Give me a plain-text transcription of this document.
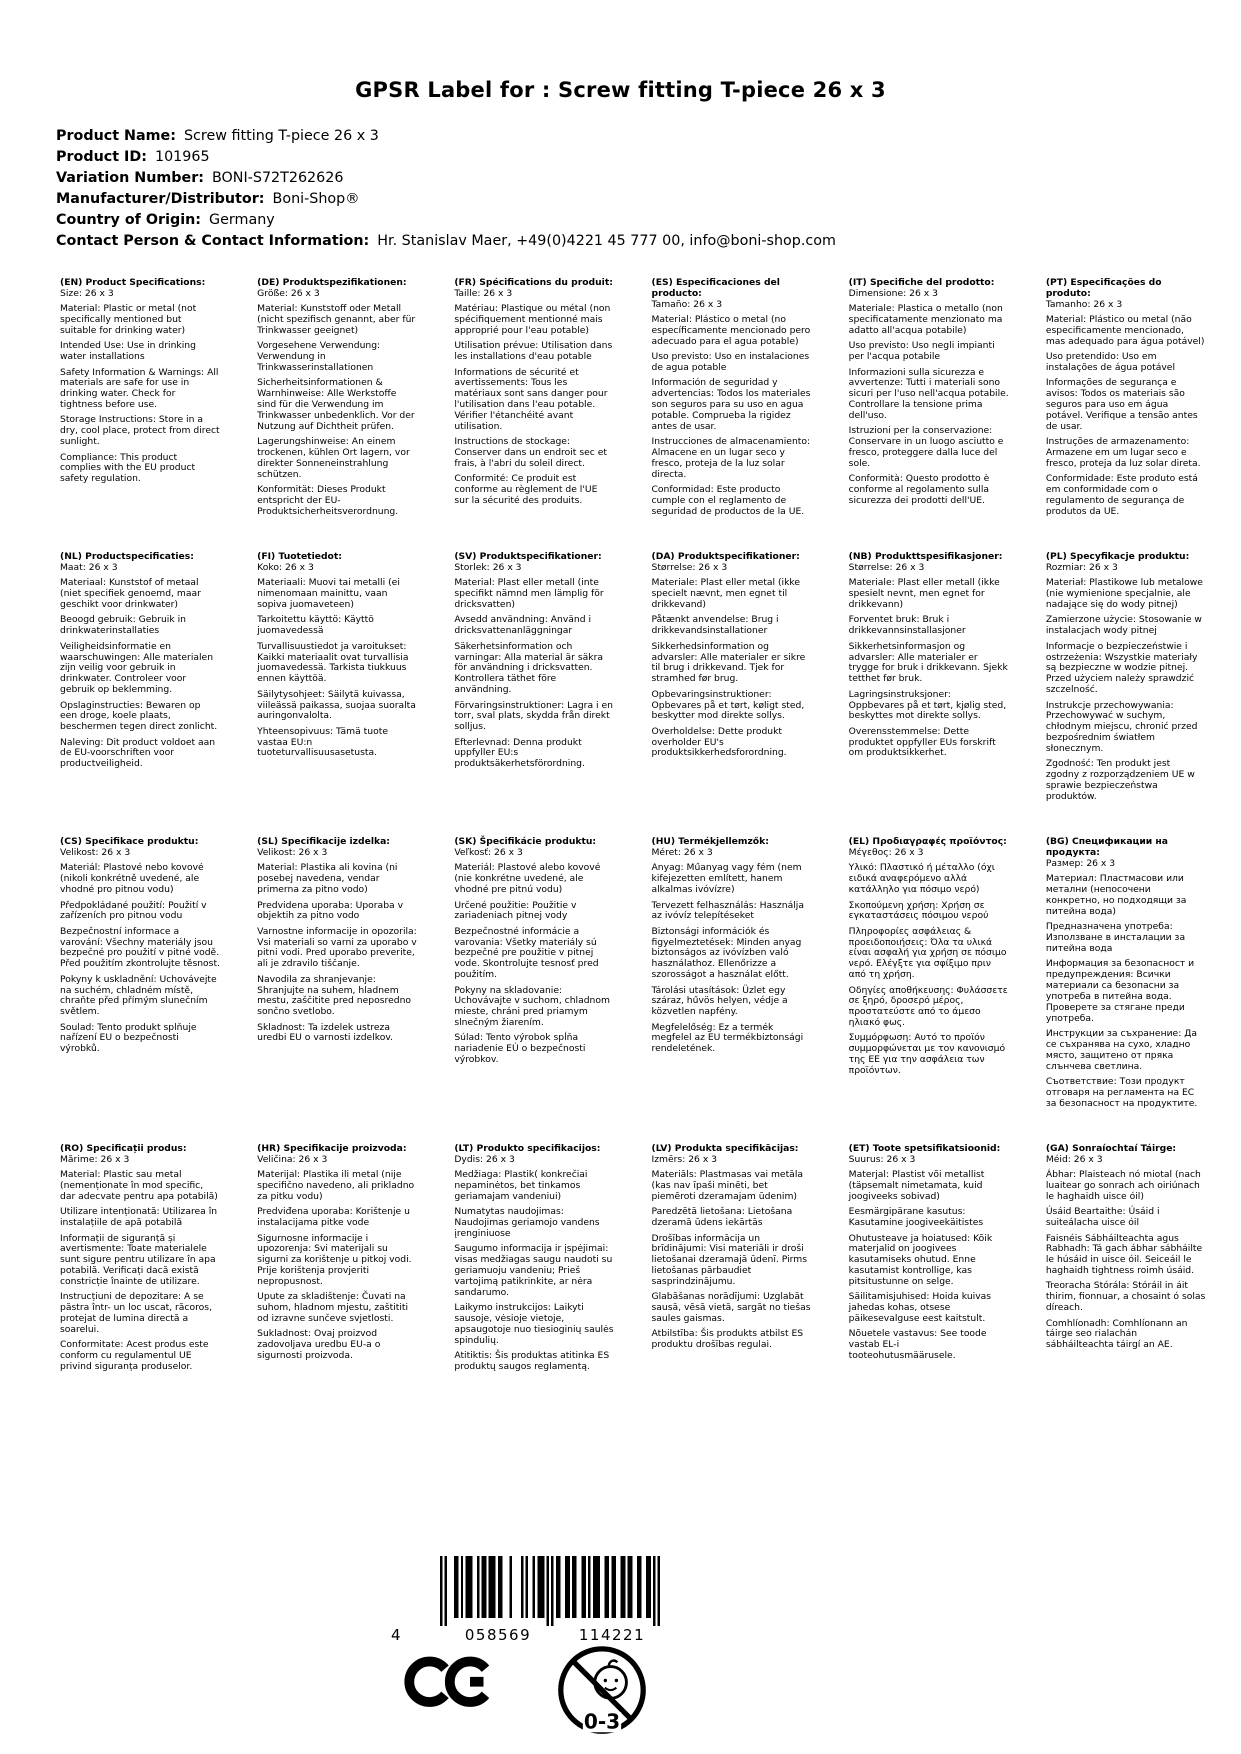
GPSR Label for : Screw fitting T-piece 26 x 3
Product Name: Screw fitting T-piece 26 x 3
Product ID: 101965
Variation Number: BONI-S72T262626
Manufacturer/Distributor: Boni-Shop®
Country of Origin: Germany
Contact Person & Contact Information: Hr. Stanislav Maer, +49(0)4221 45 777 00, info@boni-shop.com
(EN) Product Specifications:

Size: 26 x 3

Material: Plastic or metal (not specifically mentioned but suitable for drinking water)

Intended Use: Use in drinking water installations

Safety Information & Warnings: All materials are safe for use in drinking water. Check for tightness before use.

Storage Instructions: Store in a dry, cool place, protect from direct sunlight.

Compliance: This product complies with the EU product safety regulation.

(DE) Produktspezifikationen:

Größe: 26 x 3

Material: Kunststoff oder Metall (nicht spezifisch genannt, aber für Trinkwasser geeignet)

Vorgesehene Verwendung: Verwendung in Trinkwasserinstallationen

Sicherheitsinformationen & Warnhinweise: Alle Werkstoffe sind für die Verwendung im Trinkwasser unbedenklich. Vor der Nutzung auf Dichtheit prüfen.

Lagerungshinweise: An einem trockenen, kühlen Ort lagern, vor direkter Sonneneinstrahlung schützen.

Konformität: Dieses Produkt entspricht der EU-Produktsicherheitsverordnung.

(FR) Spécifications du produit:

Taille: 26 x 3

Matériau: Plastique ou métal (non spécifiquement mentionné mais approprié pour l'eau potable)

Utilisation prévue: Utilisation dans les installations d'eau potable

Informations de sécurité et avertissements: Tous les matériaux sont sans danger pour l'utilisation dans l'eau potable. Vérifier l'étanchéité avant utilisation.

Instructions de stockage: Conserver dans un endroit sec et frais, à l'abri du soleil direct.

Conformité: Ce produit est conforme au règlement de l'UE sur la sécurité des produits.

(ES) Especificaciones del producto:

Tamaño: 26 x 3

Material: Plástico o metal (no específicamente mencionado pero adecuado para el agua potable)

Uso previsto: Uso en instalaciones de agua potable

Información de seguridad y advertencias: Todos los materiales son seguros para su uso en agua potable. Comprueba la rigidez antes de usar.

Instrucciones de almacenamiento: Almacene en un lugar seco y fresco, proteja de la luz solar directa.

Conformidad: Este producto cumple con el reglamento de seguridad de productos de la UE.

(IT) Specifiche del prodotto:

Dimensione: 26 x 3

Materiale: Plastica o metallo (non specificatamente menzionato ma adatto all'acqua potabile)

Uso previsto: Uso negli impianti per l'acqua potabile

Informazioni sulla sicurezza e avvertenze: Tutti i materiali sono sicuri per l'uso nell'acqua potabile. Controllare la tensione prima dell'uso.

Istruzioni per la conservazione: Conservare in un luogo asciutto e fresco, proteggere dalla luce del sole.

Conformità: Questo prodotto è conforme al regolamento sulla sicurezza dei prodotti dell'UE.

(PT) Especificações do produto:

Tamanho: 26 x 3

Material: Plástico ou metal (não especificamente mencionado, mas adequado para água potável)

Uso pretendido: Uso em instalações de água potável

Informações de segurança e avisos: Todos os materiais são seguros para uso em água potável. Verifique a tensão antes de usar.

Instruções de armazenamento: Armazene em um lugar seco e fresco, proteja da luz solar direta.

Conformidade: Este produto está em conformidade com o regulamento de segurança de produtos da UE.

(NL) Productspecificaties:

Maat: 26 x 3

Materiaal: Kunststof of metaal (niet specifiek genoemd, maar geschikt voor drinkwater)

Beoogd gebruik: Gebruik in drinkwaterinstallaties

Veiligheidsinformatie en waarschuwingen: Alle materialen zijn veilig voor gebruik in drinkwater. Controleer voor gebruik op beklemming.

Opslaginstructies: Bewaren op een droge, koele plaats, beschermen tegen direct zonlicht.

Naleving: Dit product voldoet aan de EU-voorschriften voor productveiligheid.

(FI) Tuotetiedot:

Koko: 26 x 3

Materiaali: Muovi tai metalli (ei nimenomaan mainittu, vaan sopiva juomaveteen)

Tarkoitettu käyttö: Käyttö juomavedessä

Turvallisuustiedot ja varoitukset: Kaikki materiaalit ovat turvallisia juomavedessä. Tarkista tiukkuus ennen käyttöä.

Säilytysohjeet: Säilytä kuivassa, viileässä paikassa, suojaa suoralta auringonvalolta.

Yhteensopivuus: Tämä tuote vastaa EU:n tuoteturvallisuusasetusta.

(SV) Produktspecifikationer:

Storlek: 26 x 3

Material: Plast eller metall (inte specifikt nämnd men lämplig för dricksvatten)

Avsedd användning: Använd i dricksvattenanläggningar

Säkerhetsinformation och varningar: Alla material är säkra för användning i dricksvatten. Kontrollera täthet före användning.

Förvaringsinstruktioner: Lagra i en torr, sval plats, skydda från direkt solljus.

Efterlevnad: Denna produkt uppfyller EU:s produktsäkerhetsförordning.

(DA) Produktspecifikationer:

Størrelse: 26 x 3

Materiale: Plast eller metal (ikke specielt nævnt, men egnet til drikkevand)

Påtænkt anvendelse: Brug i drikkevandsinstallationer

Sikkerhedsinformation og advarsler: Alle materialer er sikre til brug i drikkevand. Tjek for stramhed før brug.

Opbevaringsinstruktioner: Opbevares på et tørt, køligt sted, beskytter mod direkte sollys.

Overholdelse: Dette produkt overholder EU's produktsikkerhedsforordning.

(NB) Produkttspesifikasjoner:

Størrelse: 26 x 3

Materiale: Plast eller metall (ikke spesielt nevnt, men egnet for drikkevann)

Forventet bruk: Bruk i drikkevannsinstallasjoner

Sikkerhetsinformasjon og advarsler: Alle materialer er trygge for bruk i drikkevann. Sjekk tetthet før bruk.

Lagringsinstruksjoner: Oppbevares på et tørt, kjølig sted, beskyttes mot direkte sollys.

Overensstemmelse: Dette produktet oppfyller EUs forskrift om produktsikkerhet.

(PL) Specyfikacje produktu:

Rozmiar: 26 x 3

Materiał: Plastikowe lub metalowe (nie wymienione specjalnie, ale nadające się do wody pitnej)

Zamierzone użycie: Stosowanie w instalacjach wody pitnej

Informacje o bezpieczeństwie i ostrzeżenia: Wszystkie materiały są bezpieczne w wodzie pitnej. Przed użyciem należy sprawdzić szczelność.

Instrukcje przechowywania: Przechowywać w suchym, chłodnym miejscu, chronić przed bezpośrednim światłem słonecznym.

Zgodność: Ten produkt jest zgodny z rozporządzeniem UE w sprawie bezpieczeństwa produktów.

(CS) Specifikace produktu:

Velikost: 26 x 3

Materiál: Plastové nebo kovové (nikoli konkrétně uvedené, ale vhodné pro pitnou vodu)

Předpokládané použití: Použití v zařízeních pro pitnou vodu

Bezpečnostní informace a varování: Všechny materiály jsou bezpečné pro použití v pitné vodě. Před použitím zkontrolujte těsnost.

Pokyny k uskladnění: Uchovávejte na suchém, chladném místě, chraňte před přímým slunečním světlem.

Soulad: Tento produkt splňuje nařízení EU o bezpečnosti výrobků.

(SL) Specifikacije izdelka:

Velikost: 26 x 3

Material: Plastika ali kovina (ni posebej navedena, vendar primerna za pitno vodo)

Predvidena uporaba: Uporaba v objektih za pitno vodo

Varnostne informacije in opozorila: Vsi materiali so varni za uporabo v pitni vodi. Pred uporabo preverite, ali je zdravilo tiščanje.

Navodila za shranjevanje: Shranjujte na suhem, hladnem mestu, zaščitite pred neposredno sončno svetlobo.

Skladnost: Ta izdelek ustreza uredbi EU o varnosti izdelkov.

(SK) Špecifikácie produktu:

Veľkosť: 26 x 3

Materiál: Plastové alebo kovové (nie konkrétne uvedené, ale vhodné pre pitnú vodu)

Určené použitie: Použitie v zariadeniach pitnej vody

Bezpečnostné informácie a varovania: Všetky materiály sú bezpečné pre použitie v pitnej vode. Skontrolujte tesnosť pred použitím.

Pokyny na skladovanie: Uchovávajte v suchom, chladnom mieste, chráni pred priamym slnečným žiarením.

Súlad: Tento výrobok spĺňa nariadenie EÚ o bezpečnosti výrobkov.

(HU) Termékjellemzők:

Méret: 26 x 3

Anyag: Műanyag vagy fém (nem kifejezetten említett, hanem alkalmas ivóvízre)

Tervezett felhasználás: Használja az ivóvíz telepítéseket

Biztonsági információk és figyelmeztetések: Minden anyag biztonságos az ivóvízben való használathoz. Ellenőrizze a szorosságot a használat előtt.

Tárolási utasítások: Üzlet egy száraz, hűvös helyen, védje a közvetlen napfény.

Megfelelőség: Ez a termék megfelel az EU termékbiztonsági rendeletének.

(EL) Προδιαγραφές προϊόντος:

Μέγεθος: 26 x 3

Υλικό: Πλαστικό ή μέταλλο (όχι ειδικά αναφερόμενο αλλά κατάλληλο για πόσιμο νερό)

Σκοπούμενη χρήση: Χρήση σε εγκαταστάσεις πόσιμου νερού

Πληροφορίες ασφάλειας & προειδοποιήσεις: Όλα τα υλικά είναι ασφαλή για χρήση σε πόσιμο νερό. Ελέγξτε για σφίξιμο πριν από τη χρήση.

Οδηγίες αποθήκευσης: Φυλάσσετε σε ξηρό, δροσερό μέρος, προστατεύστε από το άμεσο ηλιακό φως.

Συμμόρφωση: Αυτό το προϊόν συμμορφώνεται με τον κανονισμό της ΕΕ για την ασφάλεια των προϊόντων.

(BG) Спецификации на продукта:

Размер: 26 x 3

Материал: Пластмасови или метални (непосочени конкретно, но подходящи за питейна вода)

Предназначена употреба: Използване в инсталации за питейна вода

Информация за безопасност и предупреждения: Всички материали са безопасни за употреба в питейна вода. Проверете за стягане преди употреба.

Инструкции за съхранение: Да се съхранява на сухо, хладно място, защитено от пряка слънчева светлина.

Съответствие: Този продукт отговаря на регламента на ЕС за безопасност на продуктите.

(RO) Specificații produs:

Mărime: 26 x 3

Material: Plastic sau metal (nemenționate în mod specific, dar adecvate pentru apa potabilă)

Utilizare intenționată: Utilizarea în instalațiile de apă potabilă

Informații de siguranță și avertismente: Toate materialele sunt sigure pentru utilizare în apa potabilă. Verificați dacă există constricție înainte de utilizare.

Instrucțiuni de depozitare: A se păstra într- un loc uscat, răcoros, protejat de lumina directă a soarelui.

Conformitate: Acest produs este conform cu regulamentul UE privind siguranța produselor.

(HR) Specifikacije proizvoda:

Veličina: 26 x 3

Materijal: Plastika ili metal (nije specifično navedeno, ali prikladno za pitku vodu)

Predviđena uporaba: Korištenje u instalacijama pitke vode

Sigurnosne informacije i upozorenja: Svi materijali su sigurni za korištenje u pitkoj vodi. Prije korištenja provjeriti nepropusnost.

Upute za skladištenje: Čuvati na suhom, hladnom mjestu, zaštititi od izravne sunčeve svjetlosti.

Sukladnost: Ovaj proizvod zadovoljava uredbu EU-a o sigurnosti proizvoda.

(LT) Produkto specifikacijos:

Dydis: 26 x 3

Medžiaga: Plastik( konkrečiai nepaminėtos, bet tinkamos geriamajam vandeniui)

Numatytas naudojimas: Naudojimas geriamojo vandens įrenginiuose

Saugumo informacija ir įspėjimai: visas medžiagas saugu naudoti su geriamuoju vandeniu; Prieš vartojimą patikrinkite, ar nėra sandarumo.

Laikymo instrukcijos: Laikyti sausoje, vėsioje vietoje, apsaugotoje nuo tiesioginių saulės spindulių.

Atitiktis: Šis produktas atitinka ES produktų saugos reglamentą.

(LV) Produkta specifikācijas:

Izmērs: 26 x 3

Materiāls: Plastmasas vai metāla (kas nav īpaši minēti, bet piemēroti dzeramajam ūdenim)

Paredzētā lietošana: Lietošana dzeramā ūdens iekārtās

Drošības informācija un brīdinājumi: Visi materiāli ir droši lietošanai dzeramajā ūdenī. Pirms lietošanas pārbaudiet sasprindzinājumu.

Glabāšanas norādījumi: Uzglabāt sausā, vēsā vietā, sargāt no tiešas saules gaismas.

Atbilstība: Šis produkts atbilst ES produktu drošības regulai.

(ET) Toote spetsifikatsioonid:

Suurus: 26 x 3

Materjal: Plastist või metallist (täpsemalt nimetamata, kuid joogiveeks sobivad)

Eesmärgipärane kasutus: Kasutamine joogiveekäitistes

Ohutusteave ja hoiatused: Kõik materjalid on joogivees kasutamiseks ohutud. Enne kasutamist kontrollige, kas pitsitustunne on selge.

Säilitamisjuhised: Hoida kuivas jahedas kohas, otsese päikesevalguse eest kaitstult.

Nõuetele vastavus: See toode vastab EL-i tooteohutusmäärusele.

(GA) Sonraíochtaí Táirge:

Méid: 26 x 3

Ábhar: Plaisteach nó miotal (nach luaitear go sonrach ach oiriúnach le haghaidh uisce óil)

Úsáid Beartaithe: Úsáid i suiteálacha uisce óil

Faisnéis Sábháilteachta agus Rabhadh: Tá gach ábhar sábháilte le húsáid in uisce óil. Seiceáil le haghaidh tightness roimh úsáid.

Treoracha Stórála: Stóráil in áit thirim, fionnuar, a chosaint ó solas díreach.

Comhlíonadh: Comhlíonann an táirge seo rialachán sábháilteachta táirgí an AE.

4	058569	114221
0-3
